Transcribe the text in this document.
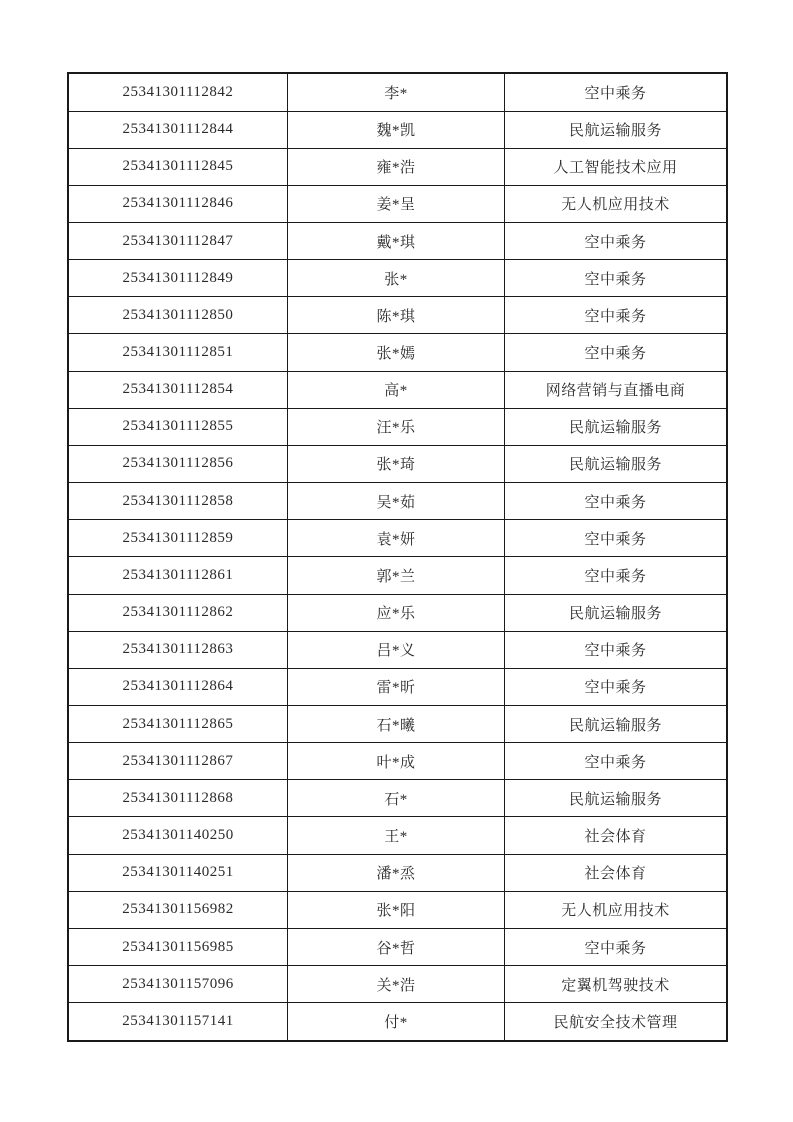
25341301112842	李*	空中乘务
25341301112844	魏*凯	民航运输服务
25341301112845	雍*浩	人工智能技术应用
25341301112846	姜*呈	无人机应用技术
25341301112847	戴*琪	空中乘务
25341301112849	张*	空中乘务
25341301112850	陈*琪	空中乘务
25341301112851	张*嫣	空中乘务
25341301112854	高*	网络营销与直播电商
25341301112855	汪*乐	民航运输服务
25341301112856	张*琦	民航运输服务
25341301112858	吴*茹	空中乘务
25341301112859	袁*妍	空中乘务
25341301112861	郭*兰	空中乘务
25341301112862	应*乐	民航运输服务
25341301112863	吕*义	空中乘务
25341301112864	雷*昕	空中乘务
25341301112865	石*曦	民航运输服务
25341301112867	叶*成	空中乘务
25341301112868	石*	民航运输服务
25341301140250	王*	社会体育
25341301140251	潘*烝	社会体育
25341301156982	张*阳	无人机应用技术
25341301156985	谷*哲	空中乘务
25341301157096	关*浩	定翼机驾驶技术
25341301157141	付*	民航安全技术管理
